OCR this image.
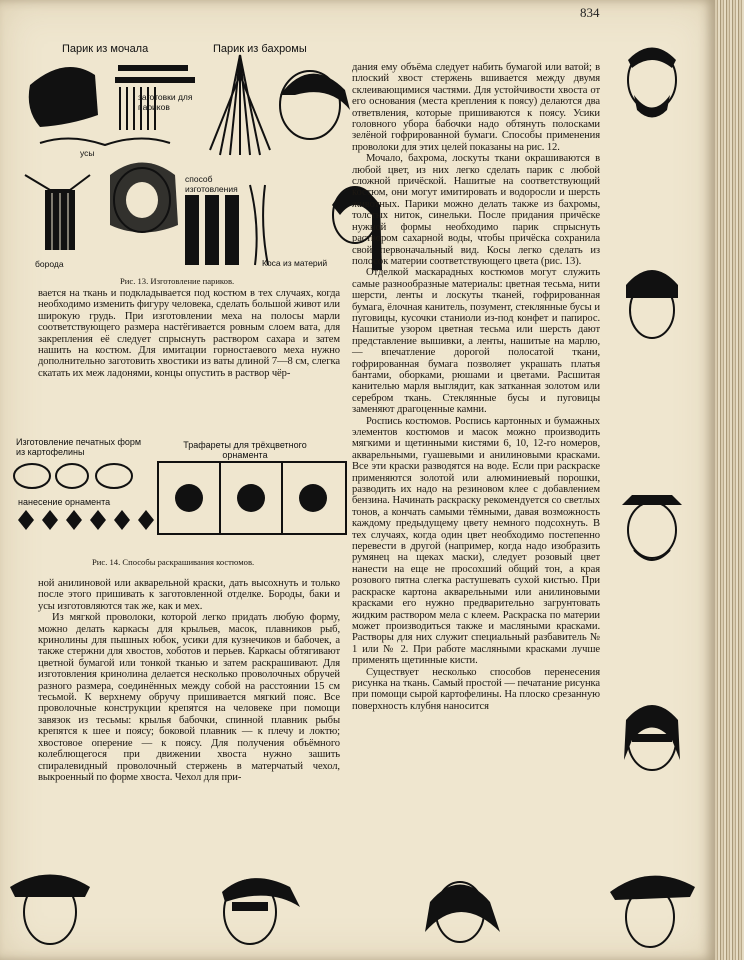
834
Парик из мочала	Парик из бахромы
заготовки для париков
усы
способ изготовления
борода	Коса из материй
Рис. 13. Изготовление париков.

вается на ткань и подкладывается под костюм в тех случаях, когда необходимо изменить фигуру человека, сделать большой живот или широкую грудь. При изготовлении меха на полосы марли соответствующего размера настёгивается ровным слоем вата, для закрепления её следует спрыснуть раствором сахара и затем нашить на костюм. Для имитации горностаевого меха нужно дополнительно заготовить хвостики из ваты длиной 7—8 см, слегка скатать их меж ладонями, концы опустить в раствор чёр-

Изготовление печатных форм из картофелины
Трафареты для трёхцветного орнамента
нанесение орнамента
Рис. 14. Способы раскрашивания костюмов.

ной анилиновой или акварельной краски, дать высохнуть и только после этого пришивать к заготовленной отделке. Бороды, баки и усы изготовляются так же, как и мех.

Из мягкой проволоки, которой легко придать любую форму, можно делать каркасы для крыльев, масок, плавников рыб, кринолины для пышных юбок, усики для кузнечиков и бабочек, а также стержни для хвостов, хоботов и перьев. Каркасы обтягивают цветной бумагой или тонкой тканью и затем раскрашивают. Для изготовления кринолина делается несколько проволочных обручей разного размера, соединённых между собой на расстоянии 15 см тесьмой. К верхнему обручу пришивается мягкий пояс. Все проволочные конструкции крепятся на человеке при помощи завязок из тесьмы: крылья бабочки, спинной плавник рыбы крепятся к шее и поясу; боковой плавник — к плечу и локтю; хвостовое оперение — к поясу. Для получения объёмного колеблющегося при движении хвоста нужно зашить спиралевидный проволочный стержень в матерчатый чехол, выкроенный по форме хвоста. Чехол для при-

дания ему объёма следует набить бумагой или ватой; в плоский хвост стержень вшивается между двумя склеивающимися частями. Для устойчивости хвоста от его основания (места крепления к поясу) делаются два ответвления, которые пришиваются к поясу. Усики головного убора бабочки надо обтянуть полосками зелёной гофрированной бумаги. Способы применения проволоки для этих целей показаны на рис. 12.

Мочало, бахрома, лоскуты ткани окрашиваются в любой цвет, из них легко сделать парик с любой сложной причёской. Нашитые на соответствующий костюм, они могут имитировать и водоросли и шерсть животных. Парики можно делать также из бахромы, толстых ниток, синельки. После придания причёске нужной формы необходимо парик спрыснуть раствором сахарной воды, чтобы причёска сохранила свой первоначальный вид. Косы легко сделать из полосок материи соответствующего цвета (рис. 13).

Отделкой маскарадных костюмов могут служить самые разнообразные материалы: цветная тесьма, нити шерсти, ленты и лоскуты тканей, гофрированная бумага, ёлочная канитель, позумент, стеклянные бусы и пуговицы, кусочки станиоли из-под конфет и папирос. Нашитые узором цветная тесьма или шерсть дают представление вышивки, а ленты, нашитые на марлю, — впечатление дорогой полосатой ткани, гофрированная бумага позволяет украшать платья бантами, оборками, рюшами и цветами. Расшитая канителью марля выглядит, как затканная золотом или серебром ткань. Стеклянные бусы и пуговицы заменяют драгоценные камни.

Роспись костюмов. Роспись картонных и бумажных элементов костюмов и масок можно производить мягкими и щетинными кистями 6, 10, 12-го номеров, акварельными, гуашевыми и анилиновыми красками. Все эти краски разводятся на воде. Если при раскраске применяются золотой или алюминиевый порошки, разводить их надо на резиновом клее с добавлением бензина. Начинать раскраску рекомендуется со светлых тонов, а кончать самыми тёмными, давая возможность каждому предыдущему цвету немного подсохнуть. В тех случаях, когда один цвет необходимо постепенно перевести в другой (например, когда надо изобразить румянец на щеках маски), следует розовый цвет нанести на еще не просохший общий тон, а края розового пятна слегка растушевать сухой кистью. При раскраске картона акварельными или анилиновыми красками его нужно предварительно загрунтовать жидким раствором мела с клеем. Раскраска по материи может производиться также и масляными красками. Растворы для них служит специальный разбавитель № 1 или № 2. При работе масляными красками лучше применять щетинные кисти.

Существует несколько способов перенесения рисунка на ткань. Самый простой — печатание рисунка при помощи сырой картофелины. На плоско срезанную поверхность клубня наносится
